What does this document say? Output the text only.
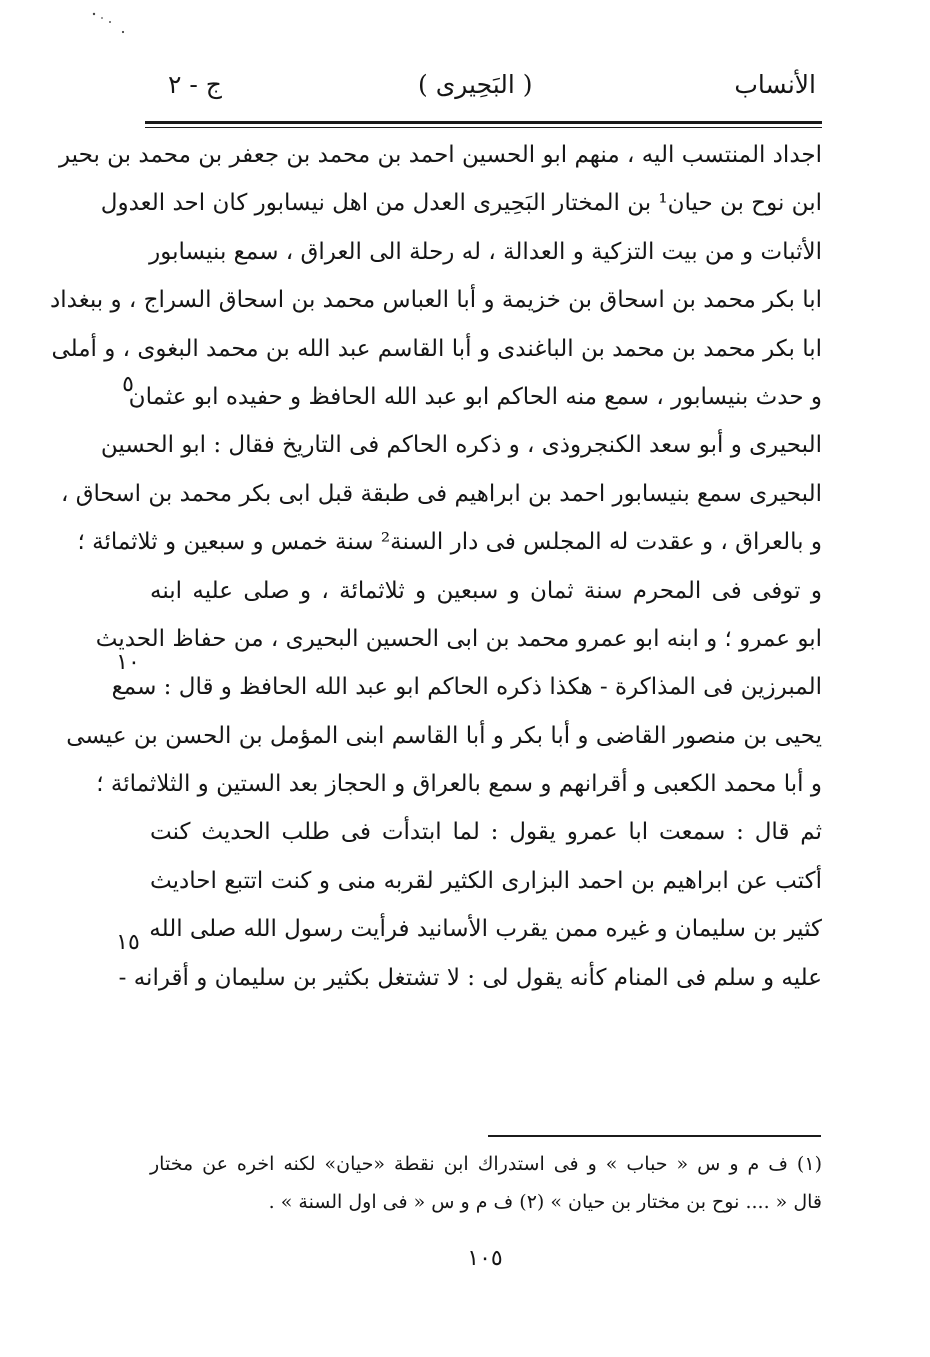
ج - ٢	( البَحِيرى )	الأنساب
اجداد المنتسب اليه ، منهم ابو الحسين احمد بن محمد بن جعفر بن محمد بن بحير
ابن نوح بن حيان¹ بن المختار البَحِيرى العدل من اهل نيسابور كان احد العدول
الأثبات و من بيت التزكية و العدالة ، له رحلة الى العراق ، سمع بنيسابور
ابا بكر محمد بن اسحاق بن خزيمة و أبا العباس محمد بن اسحاق السراج ، و ببغداد
ابا بكر محمد بن محمد بن الباغندى و أبا القاسم عبد الله بن محمد البغوى ، و أملى
و حدث بنيسابور ، سمع منه الحاكم ابو عبد الله الحافظ و حفيده ابو عثمان
البحيرى و أبو سعد الكنجروذى ، و ذكره الحاكم فى التاريخ فقال : ابو الحسين
البحيرى سمع بنيسابور احمد بن ابراهيم فى طبقة قبل ابى بكر محمد بن اسحاق ،
و بالعراق ، و عقدت له المجلس فى دار السنة² سنة خمس و سبعين و ثلاثمائة ؛
و توفى فى المحرم سنة ثمان و سبعين و ثلاثمائة ، و صلى عليه ابنه
ابو عمرو ؛ و ابنه ابو عمرو محمد بن ابى الحسين البحيرى ، من حفاظ الحديث
المبرزين فى المذاكرة - هكذا ذكره الحاكم ابو عبد الله الحافظ و قال : سمع
يحيى بن منصور القاضى و أبا بكر و أبا القاسم ابنى المؤمل بن الحسن بن عيسى
و أبا محمد الكعبى و أقرانهم و سمع بالعراق و الحجاز بعد الستين و الثلاثمائة ؛
ثم قال : سمعت ابا عمرو يقول : لما ابتدأت فى طلب الحديث كنت
أكتب عن ابراهيم بن احمد البزارى الكثير لقربه منى و كنت اتتبع احاديث
كثير بن سليمان و غيره ممن يقرب الأسانيد فرأيت رسول الله صلى الله
عليه و سلم فى المنام كأنه يقول لى : لا تشتغل بكثير بن سليمان و أقرانه -
٥
١٠
١٥
(١) ف م و س « حباب » و فى استدراك ابن نقطة «حيان» لكنه اخره عن مختار
قال « .... نوح بن مختار بن حيان » (٢) ف م و س « فى اول السنة » .
١٠٥
